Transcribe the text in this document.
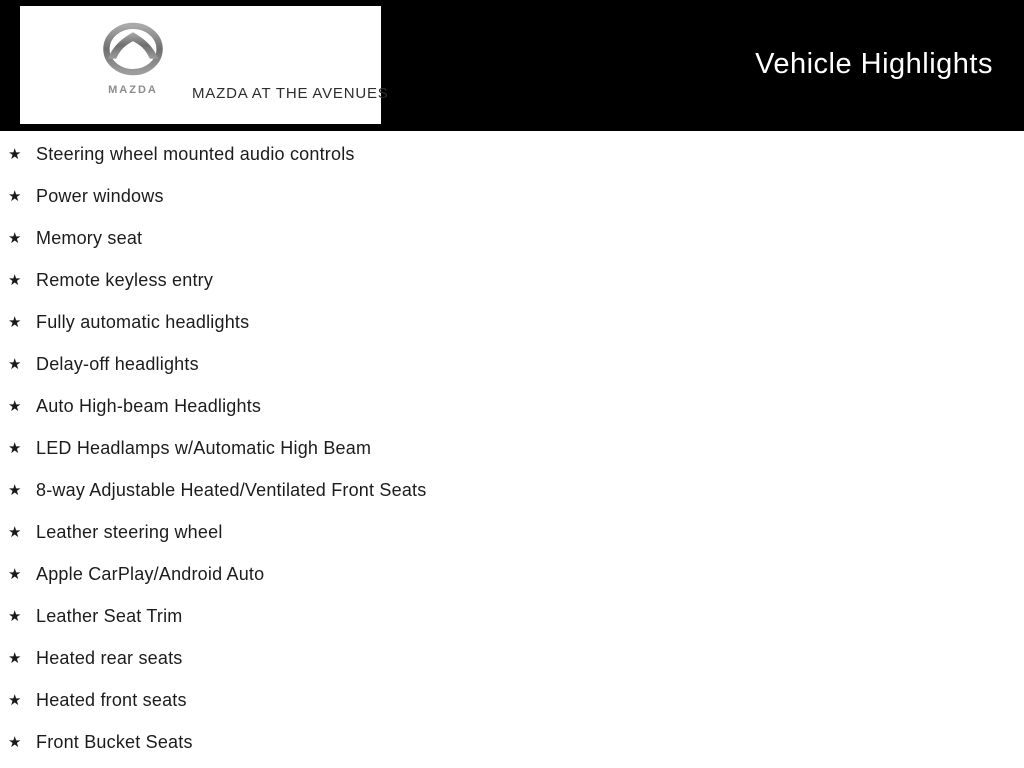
MAZDA	MAZDA AT THE AVENUES
Vehicle Highlights
★ Steering wheel mounted audio controls
★ Power windows
★ Memory seat
★ Remote keyless entry
★ Fully automatic headlights
★ Delay-off headlights
★ Auto High-beam Headlights
★ LED Headlamps w/Automatic High Beam
★ 8-way Adjustable Heated/Ventilated Front Seats
★ Leather steering wheel
★ Apple CarPlay/Android Auto
★ Leather Seat Trim
★ Heated rear seats
★ Heated front seats
★ Front Bucket Seats
